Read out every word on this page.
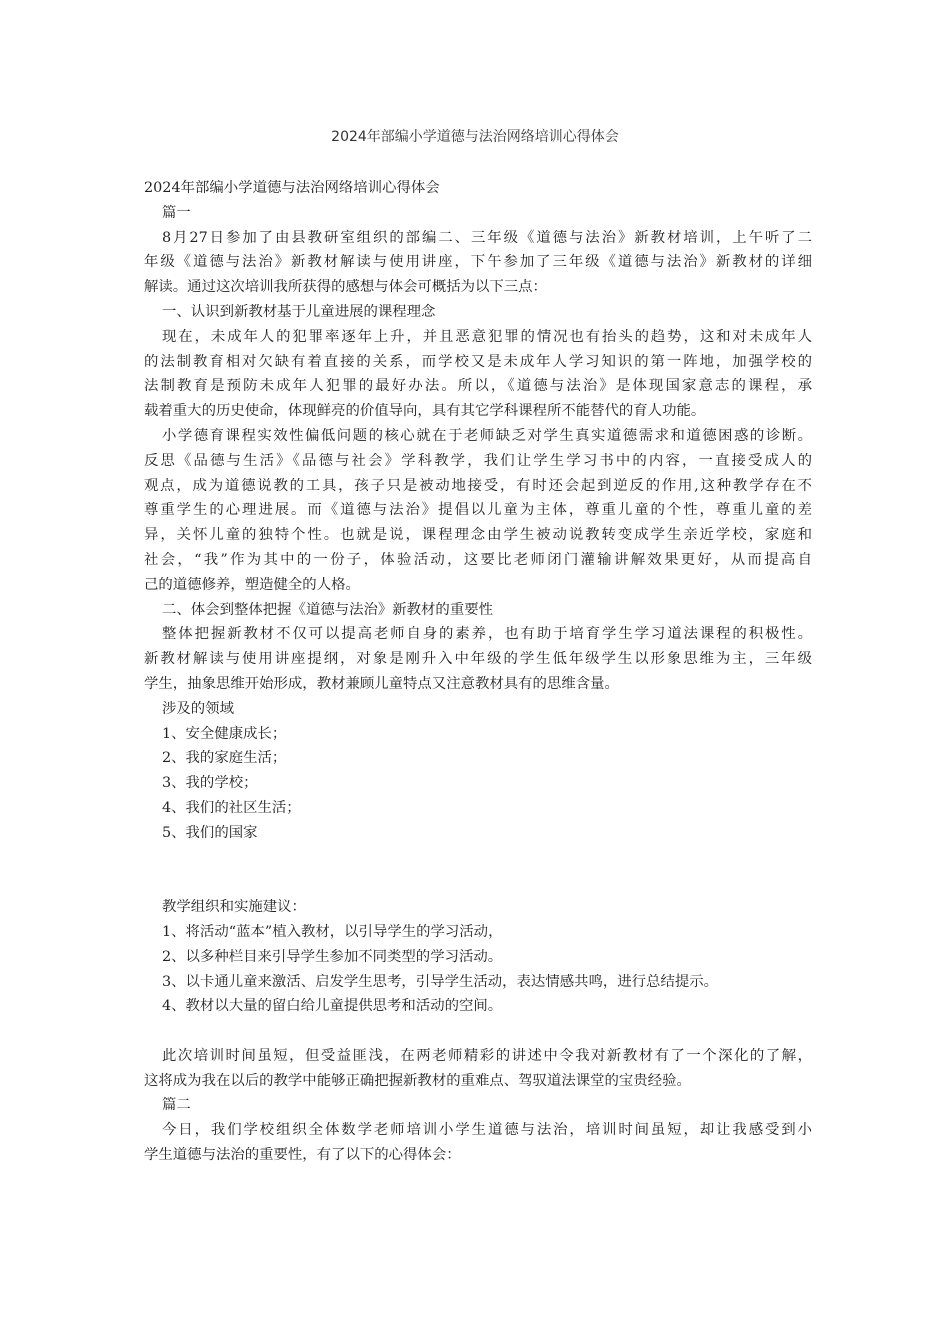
2024年部编小学道德与法治网络培训心得体会
2024年部编小学道德与法治网络培训心得体会
篇一
8月27日参加了由县教研室组织的部编二、三年级《道德与法治》新教材培训，上午听了二
年级《道德与法治》新教材解读与使用讲座，下午参加了三年级《道德与法治》新教材的详细
解读。通过这次培训我所获得的感想与体会可概括为以下三点：
一、认识到新教材基于儿童进展的课程理念
现在，未成年人的犯罪率逐年上升，并且恶意犯罪的情况也有抬头的趋势，这和对未成年人
的法制教育相对欠缺有着直接的关系，而学校又是未成年人学习知识的第一阵地，加强学校的
法制教育是预防未成年人犯罪的最好办法。所以，《道德与法治》是体现国家意志的课程，承
载着重大的历史使命，体现鲜亮的价值导向，具有其它学科课程所不能替代的育人功能。
小学德育课程实效性偏低问题的核心就在于老师缺乏对学生真实道德需求和道德困惑的诊断。
反思《品德与生活》《品德与社会》学科教学，我们让学生学习书中的内容，一直接受成人的
观点，成为道德说教的工具，孩子只是被动地接受，有时还会起到逆反的作用,这种教学存在不
尊重学生的心理进展。而《道德与法治》提倡以儿童为主体，尊重儿童的个性，尊重儿童的差
异，关怀儿童的独特个性。也就是说，课程理念由学生被动说教转变成学生亲近学校，家庭和
社会，“我”作为其中的一份子，体验活动，这要比老师闭门灌输讲解效果更好，从而提高自
己的道德修养，塑造健全的人格。
二、体会到整体把握《道德与法治》新教材的重要性
整体把握新教材不仅可以提高老师自身的素养，也有助于培育学生学习道法课程的积极性。
新教材解读与使用讲座提纲，对象是刚升入中年级的学生低年级学生以形象思维为主，三年级
学生，抽象思维开始形成，教材兼顾儿童特点又注意教材具有的思维含量。
涉及的领域
1、安全健康成长；
2、我的家庭生活；
3、我的学校；
4、我们的社区生活；
5、我们的国家
教学组织和实施建议：
1、将活动“蓝本”植入教材，以引导学生的学习活动，
2、以多种栏目来引导学生参加不同类型的学习活动。
3、以卡通儿童来激活、启发学生思考，引导学生活动，表达情感共鸣，进行总结提示。
4、教材以大量的留白给儿童提供思考和活动的空间。
此次培训时间虽短，但受益匪浅，在两老师精彩的讲述中令我对新教材有了一个深化的了解，
这将成为我在以后的教学中能够正确把握新教材的重难点、驾驭道法课堂的宝贵经验。
篇二
今日，我们学校组织全体数学老师培训小学生道德与法治，培训时间虽短，却让我感受到小
学生道德与法治的重要性，有了以下的心得体会：
